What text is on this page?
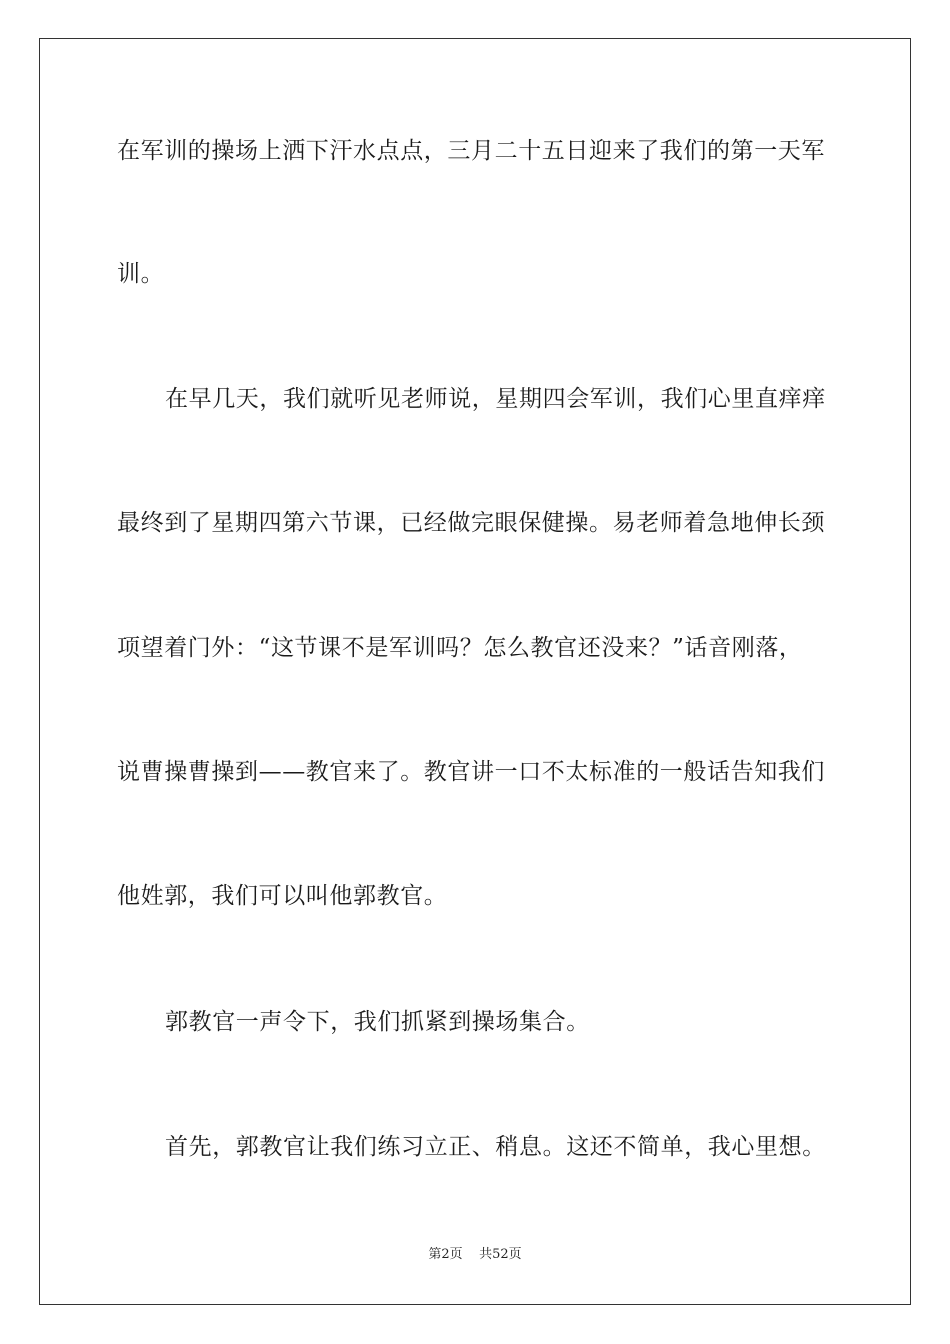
在军训的操场上洒下汗水点点，三月二十五日迎来了我们的第一天军
训。
在早几天，我们就听见老师说，星期四会军训，我们心里直痒痒
最终到了星期四第六节课，已经做完眼保健操。易老师着急地伸长颈
项望着门外：“这节课不是军训吗？怎么教官还没来？”话音刚落，
说曹操曹操到——教官来了。教官讲一口不太标准的一般话告知我们
他姓郭，我们可以叫他郭教官。
郭教官一声令下，我们抓紧到操场集合。
首先，郭教官让我们练习立正、稍息。这还不简单，我心里想。
第2页 共52页
